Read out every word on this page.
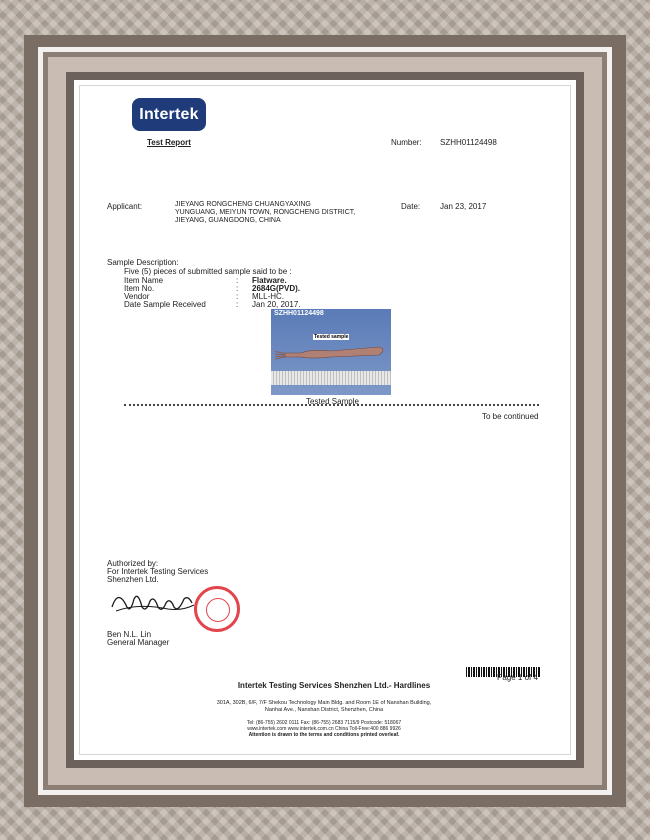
Intertek
Test Report	Number: SZHH01124498
Applicant:	JIEYANG RONGCHENG CHUANGYAXING
YUNGUANG, MEIYUN TOWN, RONGCHENG DISTRICT,
JIEYANG, GUANGDONG, CHINA
Date: Jan 23, 2017
Sample Description:
Five (5) pieces of submitted sample said to be :
Item Name	: Flatware.
Item No.	: 2684G(PVD).
Vendor	: MLL-HC.
Date Sample Received	: Jan 20, 2017.
SZHH01124498
Tested sample
Tested Sample
To be continued
Authorized by:
For Intertek Testing Services
Shenzhen Ltd.
Ben N.L. Lin
General Manager
Page 1 of 4
Intertek Testing Services Shenzhen Ltd.- Hardlines
301A, 302B, 6/F, 7/F Shekou Technology Main Bldg. and Room 1E of Nanshan Building,
Nanhai Ave., Nanshan District, Shenzhen, China
Tel: (86-755) 2602 0111 Fax: (86-755) 2683 7115/9 Postcode: 518067
www.intertek.com www.intertek.com.cn China Toll-Free:400 886 9926
Attention is drawn to the terms and conditions printed overleaf.
